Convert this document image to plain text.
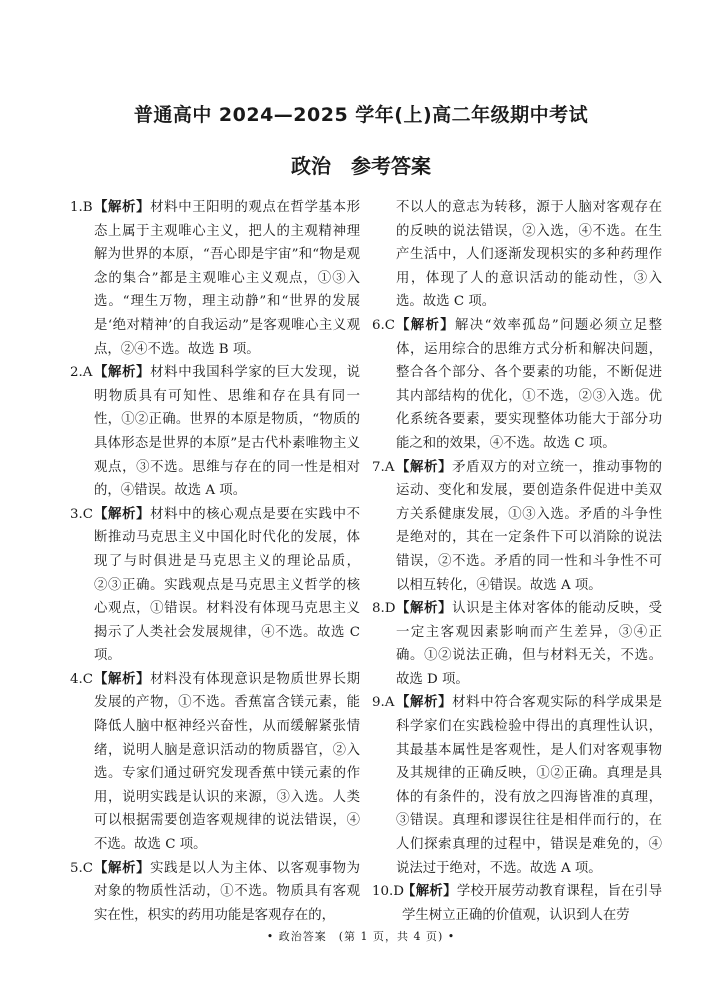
普通高中 2024—2025 学年(上)高二年级期中考试
政治　参考答案
1.B 【解析】材料中王阳明的观点在哲学基本形态上属于主观唯心主义，把人的主观精神理解为世界的本原，“吾心即是宇宙”和“物是观念的集合”都是主观唯心主义观点，①③入选。“理生万物，理主动静”和“世界的发展是‘绝对精神’的自我运动”是客观唯心主义观点，②④不选。故选 B 项。
2.A 【解析】材料中我国科学家的巨大发现，说明物质具有可知性、思维和存在具有同一性，①②正确。世界的本原是物质，“物质的具体形态是世界的本原”是古代朴素唯物主义观点，③不选。思维与存在的同一性是相对的，④错误。故选 A 项。
3.C 【解析】材料中的核心观点是要在实践中不断推动马克思主义中国化时代化的发展，体现了与时俱进是马克思主义的理论品质，②③正确。实践观点是马克思主义哲学的核心观点，①错误。材料没有体现马克思主义揭示了人类社会发展规律，④不选。故选 C 项。
4.C 【解析】材料没有体现意识是物质世界长期发展的产物，①不选。香蕉富含镁元素，能降低人脑中枢神经兴奋性，从而缓解紧张情绪，说明人脑是意识活动的物质器官，②入选。专家们通过研究发现香蕉中镁元素的作用，说明实践是认识的来源，③入选。人类可以根据需要创造客观规律的说法错误，④不选。故选 C 项。
5.C 【解析】实践是以人为主体、以客观事物为对象的物质性活动，①不选。物质具有客观实在性，枳实的药用功能是客观存在的，
不以人的意志为转移，源于人脑对客观存在的反映的说法错误，②入选，④不选。在生产生活中，人们逐渐发现枳实的多种药理作用，体现了人的意识活动的能动性，③入选。故选 C 项。
6.C 【解析】解决“效率孤岛”问题必须立足整体，运用综合的思维方式分析和解决问题，整合各个部分、各个要素的功能，不断促进其内部结构的优化，①不选，②③入选。优化系统各要素，要实现整体功能大于部分功能之和的效果，④不选。故选 C 项。
7.A 【解析】矛盾双方的对立统一，推动事物的运动、变化和发展，要创造条件促进中美双方关系健康发展，①③入选。矛盾的斗争性是绝对的，其在一定条件下可以消除的说法错误，②不选。矛盾的同一性和斗争性不可以相互转化，④错误。故选 A 项。
8.D 【解析】认识是主体对客体的能动反映，受一定主客观因素影响而产生差异，③④正确。①②说法正确，但与材料无关，不选。故选 D 项。
9.A 【解析】材料中符合客观实际的科学成果是科学家们在实践检验中得出的真理性认识，其最基本属性是客观性，是人们对客观事物及其规律的正确反映，①②正确。真理是具体的有条件的，没有放之四海皆准的真理，③错误。真理和谬误往往是相伴而行的，在人们探索真理的过程中，错误是难免的，④说法过于绝对，不选。故选 A 项。
10.D
【解析】学校开展劳动教育课程，旨在引导学生树立正确的价值观，认识到人在劳
• 政治答案　(第 1 页，共 4 页) •
